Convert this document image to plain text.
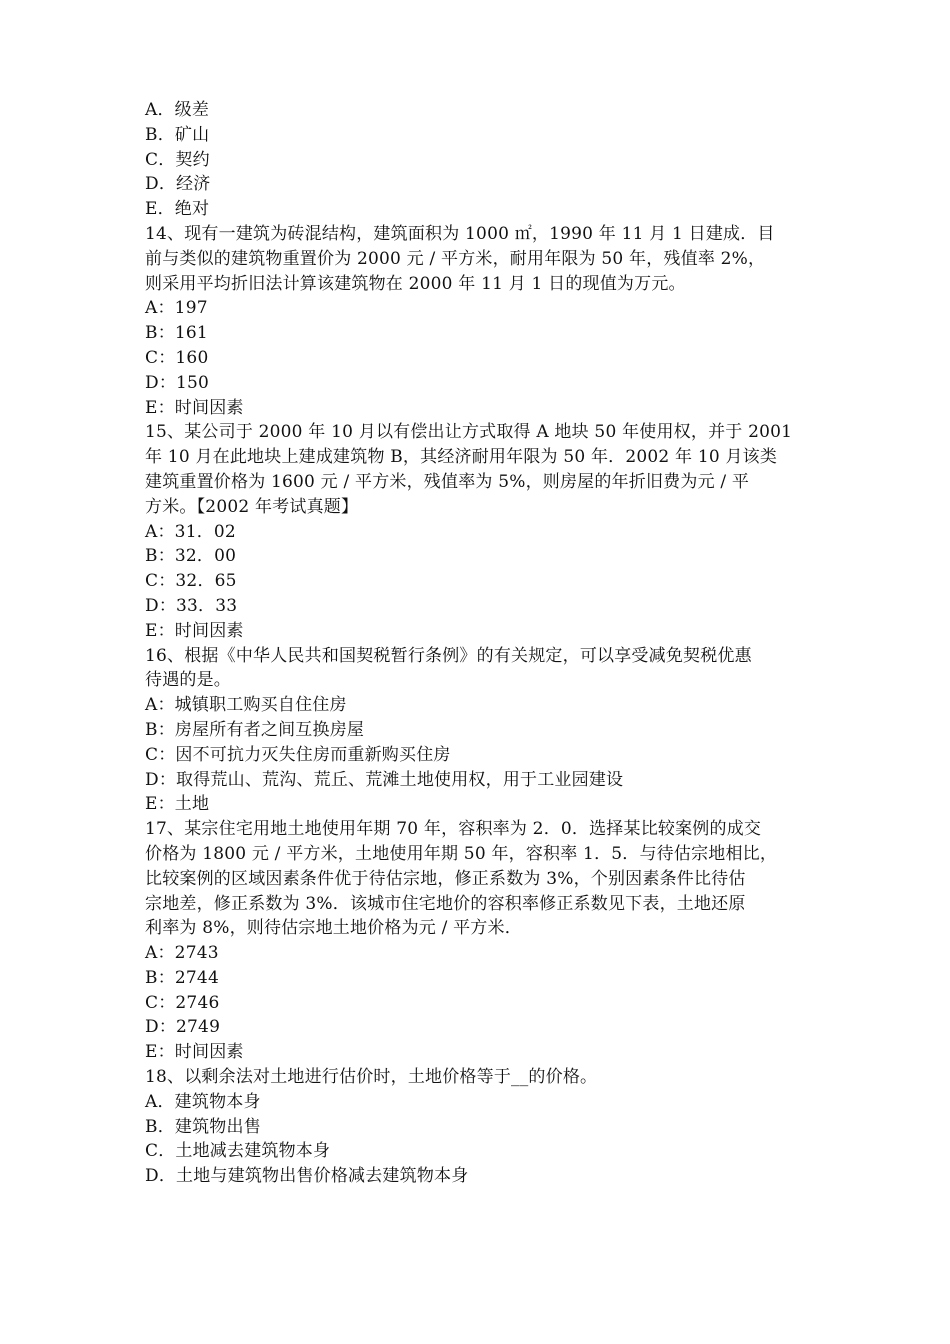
A．级差
B．矿山
C．契约
D．经济
E．绝对
14、现有一建筑为砖混结构，建筑面积为 1000 ㎡，1990 年 11 月 1 日建成．目
前与类似的建筑物重置价为 2000 元 / 平方米，耐用年限为 50 年，残值率 2%，
则采用平均折旧法计算该建筑物在 2000 年 11 月 1 日的现值为万元。
A：197
B：161
C：160
D：150
E：时间因素
15、某公司于 2000 年 10 月以有偿出让方式取得 A 地块 50 年使用权，并于 2001
年 10 月在此地块上建成建筑物 B，其经济耐用年限为 50 年．2002 年 10 月该类
建筑重置价格为 1600 元 / 平方米，残值率为 5%，则房屋的年折旧费为元 / 平
方米。【2002 年考试真题】
A：31．02
B：32．00
C：32．65
D：33．33
E：时间因素
16、根据《中华人民共和国契税暂行条例》的有关规定，可以享受减免契税优惠
待遇的是。
A：城镇职工购买自住住房
B：房屋所有者之间互换房屋
C：因不可抗力灭失住房而重新购买住房
D：取得荒山、荒沟、荒丘、荒滩土地使用权，用于工业园建设
E：土地
17、某宗住宅用地土地使用年期 70 年，容积率为 2．0．选择某比较案例的成交
价格为 1800 元 / 平方米，土地使用年期 50 年，容积率 1．5．与待估宗地相比，
比较案例的区域因素条件优于待估宗地，修正系数为 3%，个别因素条件比待估
宗地差，修正系数为 3%．该城市住宅地价的容积率修正系数见下表，土地还原
利率为 8%，则待估宗地土地价格为元 / 平方米．
A：2743
B：2744
C：2746
D：2749
E：时间因素
18、以剩余法对土地进行估价时，土地价格等于__的价格。
A．建筑物本身
B．建筑物出售
C．土地减去建筑物本身
D．土地与建筑物出售价格减去建筑物本身
